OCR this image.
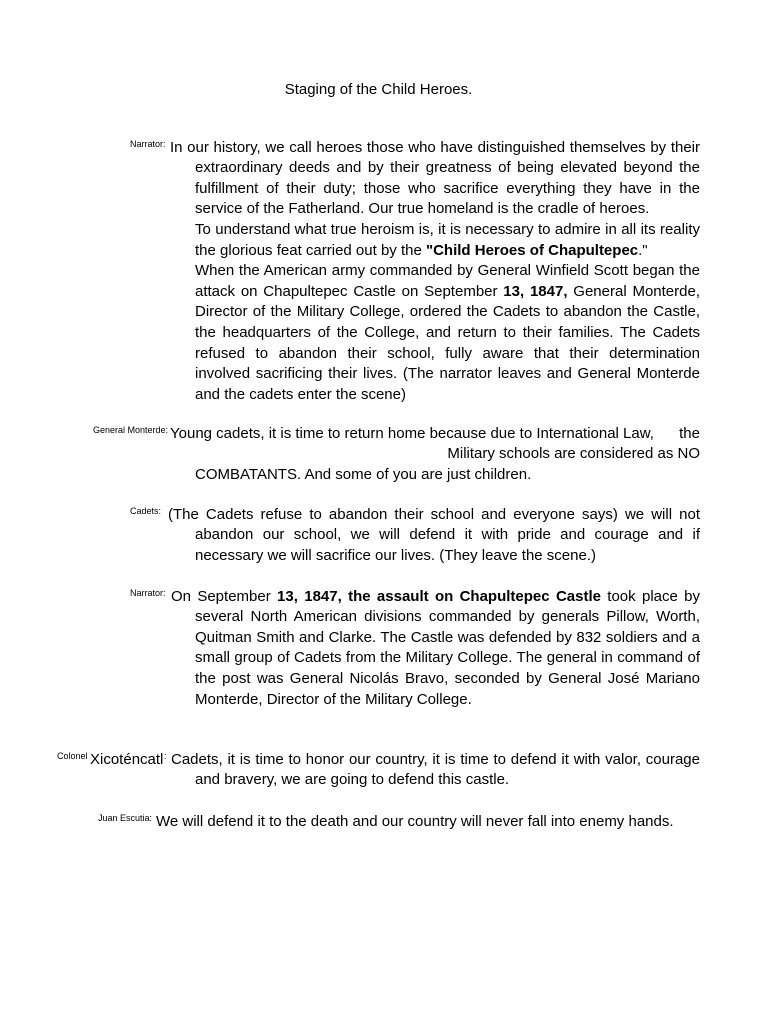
Staging of the Child Heroes.
Narrator: In our history, we call heroes those who have distinguished themselves by their
extraordinary deeds and by their greatness of being elevated beyond the
fulfillment of their duty; those who sacrifice everything they have in the
service of the Fatherland. Our true homeland is the cradle of heroes.
To understand what true heroism is, it is necessary to admire in all its reality
the glorious feat carried out by the "Child Heroes of Chapultepec."
When the American army commanded by General Winfield Scott began the
attack on Chapultepec Castle on September 13, 1847, General Monterde,
Director of the Military College, ordered the Cadets to abandon the Castle,
the headquarters of the College, and return to their families. The Cadets
refused to abandon their school, fully aware that their determination
involved sacrificing their lives. (The narrator leaves and General Monterde
and the cadets enter the scene)
General Monterde: Young cadets, it is time to return home because due to International Law, the
Military schools are considered as NO
COMBATANTS. And some of you are just children.
Cadets: (The Cadets refuse to abandon their school and everyone says) we will not
abandon our school, we will defend it with pride and courage and if
necessary we will sacrifice our lives. (They leave the scene.)
Narrator: On September 13, 1847, the assault on Chapultepec Castle took place by
several North American divisions commanded by generals Pillow, Worth,
Quitman Smith and Clarke. The Castle was defended by 832 soldiers and a
small group of Cadets from the Military College. The general in command of
the post was General Nicolás Bravo, seconded by General José Mariano
Monterde, Director of the Military College.
Colonel Xicoténcatl : Cadets, it is time to honor our country, it is time to defend it with valor, courage
and bravery, we are going to defend this castle.
Juan Escutia: We will defend it to the death and our country will never fall into enemy hands.
